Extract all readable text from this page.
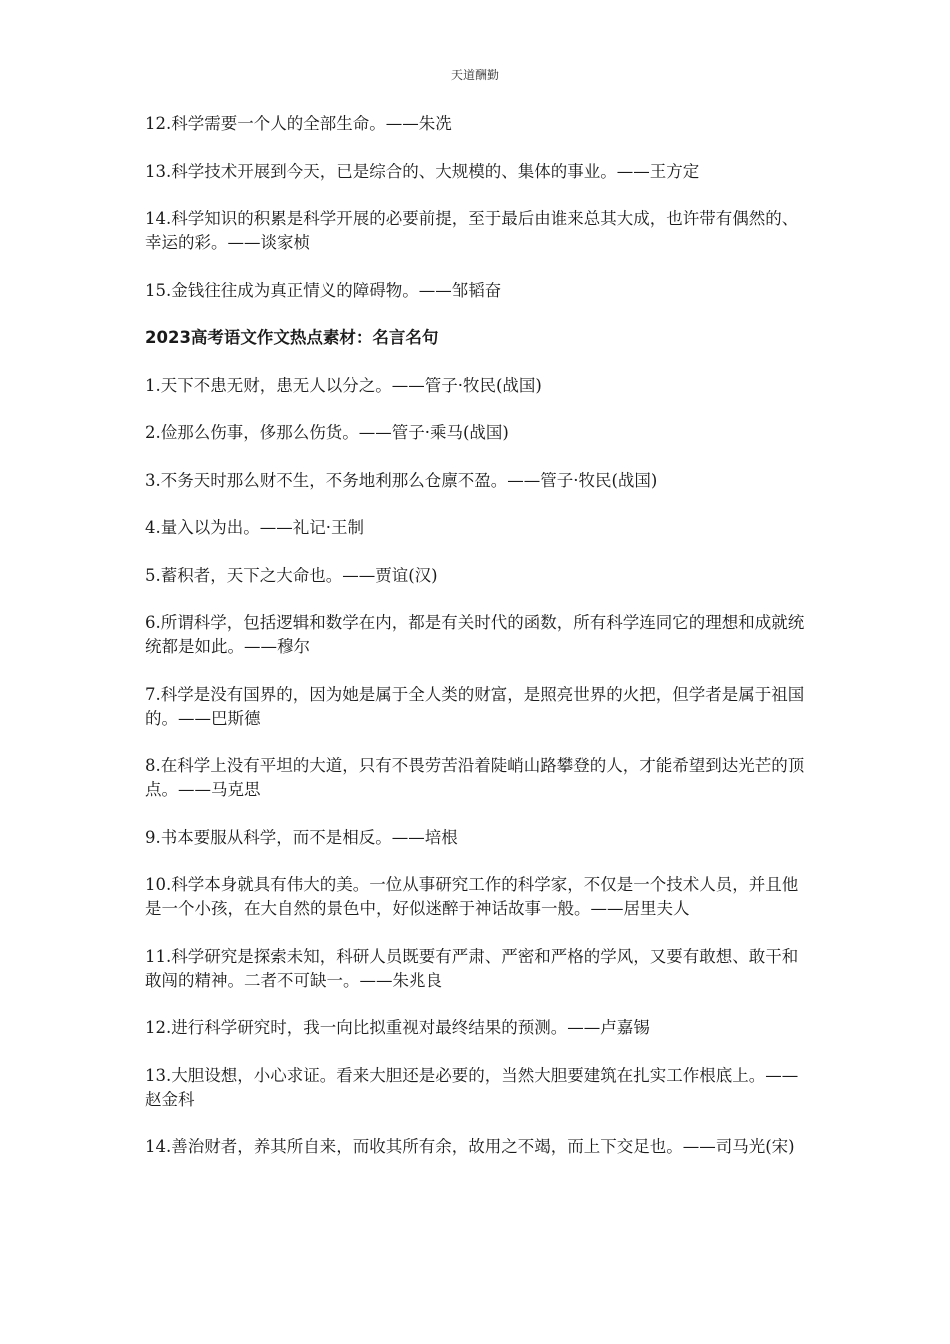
天道酬勤

12.科学需要一个人的全部生命。——朱冼

13.科学技术开展到今天，已是综合的、大规模的、集体的事业。——王方定

14.科学知识的积累是科学开展的必要前提，至于最后由谁来总其大成，也许带有偶然的、幸运的彩。——谈家桢

15.金钱往往成为真正情义的障碍物。——邹韬奋

2023高考语文作文热点素材：名言名句

1.天下不患无财，患无人以分之。——管子·牧民(战国)

2.俭那么伤事，侈那么伤货。——管子·乘马(战国)

3.不务天时那么财不生，不务地利那么仓廪不盈。——管子·牧民(战国)

4.量入以为出。——礼记·王制

5.蓄积者，天下之大命也。——贾谊(汉)

6.所谓科学，包括逻辑和数学在内，都是有关时代的函数，所有科学连同它的理想和成就统统都是如此。——穆尔

7.科学是没有国界的，因为她是属于全人类的财富，是照亮世界的火把，但学者是属于祖国的。——巴斯德

8.在科学上没有平坦的大道，只有不畏劳苦沿着陡峭山路攀登的人，才能希望到达光芒的顶点。——马克思

9.书本要服从科学，而不是相反。——培根

10.科学本身就具有伟大的美。一位从事研究工作的科学家，不仅是一个技术人员，并且他是一个小孩，在大自然的景色中，好似迷醉于神话故事一般。——居里夫人

11.科学研究是探索未知，科研人员既要有严肃、严密和严格的学风，又要有敢想、敢干和敢闯的精神。二者不可缺一。——朱兆良

12.进行科学研究时，我一向比拟重视对最终结果的预测。——卢嘉锡

13.大胆设想，小心求证。看来大胆还是必要的，当然大胆要建筑在扎实工作根底上。——赵金科

14.善治财者，养其所自来，而收其所有余，故用之不竭，而上下交足也。——司马光(宋)
